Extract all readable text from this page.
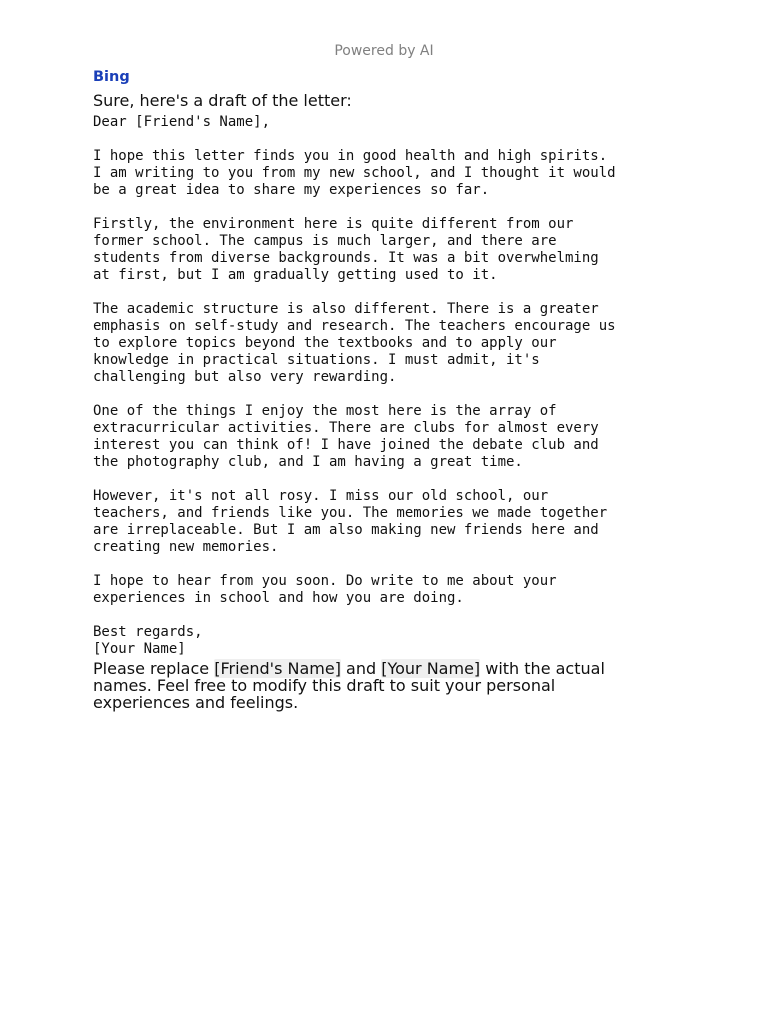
Powered by AI
Bing
Sure, here's a draft of the letter:

Dear [Friend's Name],

I hope this letter finds you in good health and high spirits.
I am writing to you from my new school, and I thought it would
be a great idea to share my experiences so far.

Firstly, the environment here is quite different from our
former school. The campus is much larger, and there are
students from diverse backgrounds. It was a bit overwhelming
at first, but I am gradually getting used to it.

The academic structure is also different. There is a greater
emphasis on self-study and research. The teachers encourage us
to explore topics beyond the textbooks and to apply our
knowledge in practical situations. I must admit, it's
challenging but also very rewarding.

One of the things I enjoy the most here is the array of
extracurricular activities. There are clubs for almost every
interest you can think of! I have joined the debate club and
the photography club, and I am having a great time.

However, it's not all rosy. I miss our old school, our
teachers, and friends like you. The memories we made together
are irreplaceable. But I am also making new friends here and
creating new memories.

I hope to hear from you soon. Do write to me about your
experiences in school and how you are doing.

Best regards,
[Your Name]

Please replace [Friend's Name] and [Your Name] with the actual
names. Feel free to modify this draft to suit your personal
experiences and feelings.
